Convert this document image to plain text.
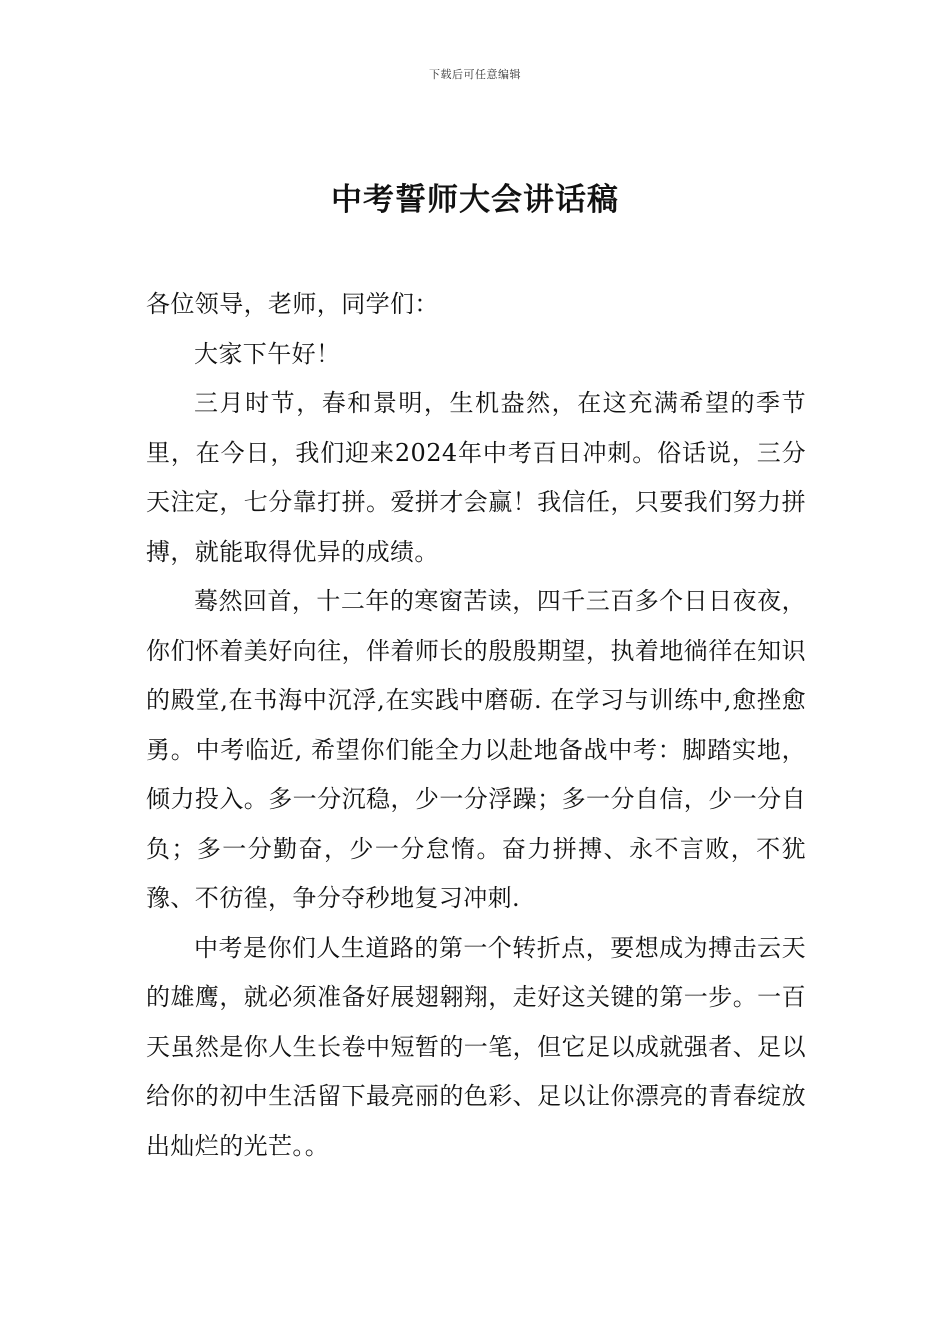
下载后可任意编辑
中考誓师大会讲话稿

各位领导，老师，同学们：

大家下午好！

三月时节，春和景明，生机盎然，在这充满希望的季节里，在今日，我们迎来2024年中考百日冲刺。俗话说，三分天注定，七分靠打拼。爱拼才会赢！我信任，只要我们努力拼搏，就能取得优异的成绩。

蓦然回首，十二年的寒窗苦读，四千三百多个日日夜夜，你们怀着美好向往，伴着师长的殷殷期望，执着地徜徉在知识的殿堂,在书海中沉浮,在实践中磨砺. 在学习与训练中,愈挫愈勇。中考临近, 希望你们能全力以赴地备战中考：脚踏实地，倾力投入。多一分沉稳，少一分浮躁；多一分自信，少一分自负；多一分勤奋，少一分怠惰。奋力拼搏、永不言败，不犹豫、不彷徨，争分夺秒地复习冲刺.

中考是你们人生道路的第一个转折点，要想成为搏击云天的雄鹰，就必须准备好展翅翱翔，走好这关键的第一步。一百天虽然是你人生长卷中短暂的一笔，但它足以成就强者、足以给你的初中生活留下最亮丽的色彩、足以让你漂亮的青春绽放出灿烂的光芒。。
